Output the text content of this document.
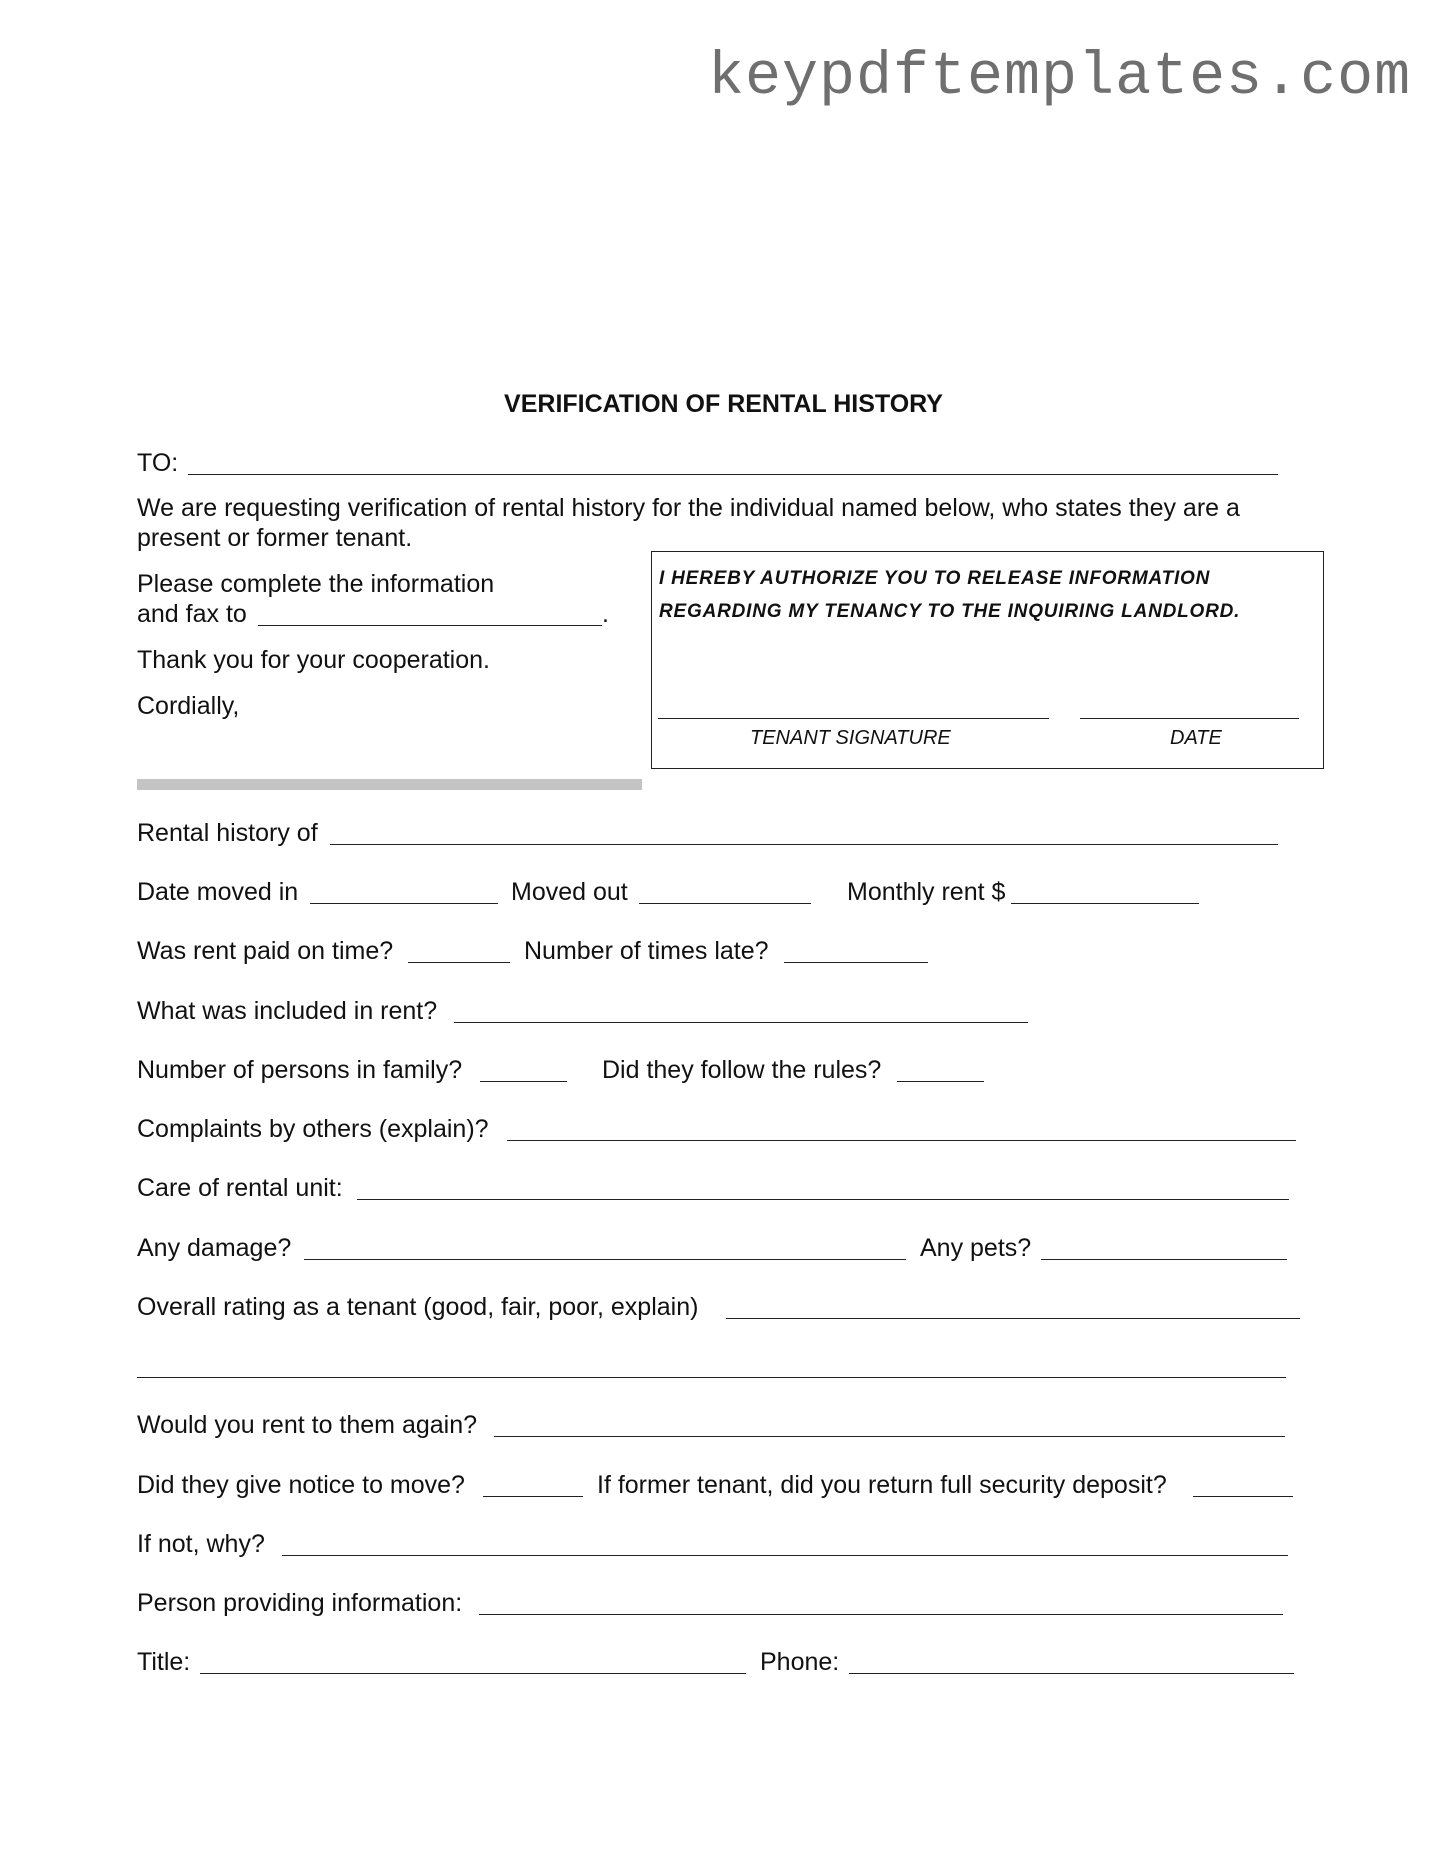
keypdftemplates.com
VERIFICATION OF RENTAL HISTORY
TO:
We are requesting verification of rental history for the individual named below, who states they are a
present or former tenant.
Please complete the information
and fax to	.
Thank you for your cooperation.
Cordially,
I HEREBY AUTHORIZE YOU TO RELEASE INFORMATION
REGARDING MY TENANCY TO THE INQUIRING LANDLORD.
TENANT SIGNATURE	DATE
Rental history of
Date moved in	Moved out	Monthly rent $
Was rent paid on time?	Number of times late?
What was included in rent?
Number of persons in family?	Did they follow the rules?
Complaints by others (explain)?
Care of rental unit:
Any damage?	Any pets?
Overall rating as a tenant (good, fair, poor, explain)
Would you rent to them again?
Did they give notice to move?	If former tenant, did you return full security deposit?
If not, why?
Person providing information:
Title:	Phone:
